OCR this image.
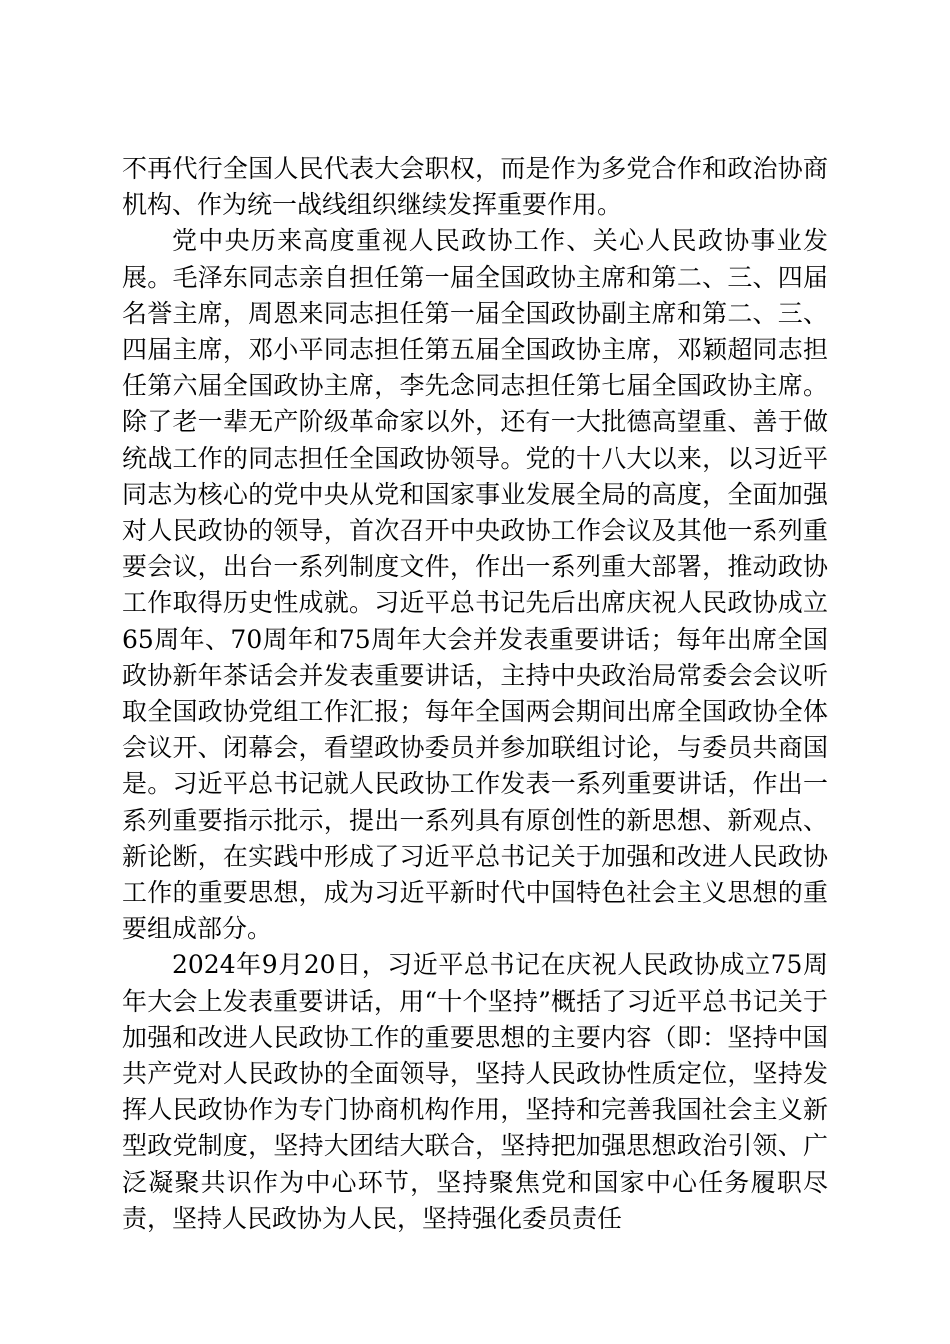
不再代行全国人民代表大会职权，而是作为多党合作和政治协商机构、作为统一战线组织继续发挥重要作用。

党中央历来高度重视人民政协工作、关心人民政协事业发展。毛泽东同志亲自担任第一届全国政协主席和第二、三、四届名誉主席，周恩来同志担任第一届全国政协副主席和第二、三、四届主席，邓小平同志担任第五届全国政协主席，邓颖超同志担任第六届全国政协主席，李先念同志担任第七届全国政协主席。除了老一辈无产阶级革命家以外，还有一大批德高望重、善于做统战工作的同志担任全国政协领导。党的十八大以来，以习近平同志为核心的党中央从党和国家事业发展全局的高度，全面加强对人民政协的领导，首次召开中央政协工作会议及其他一系列重要会议，出台一系列制度文件，作出一系列重大部署，推动政协工作取得历史性成就。习近平总书记先后出席庆祝人民政协成立65周年、70周年和75周年大会并发表重要讲话；每年出席全国政协新年茶话会并发表重要讲话，主持中央政治局常委会会议听取全国政协党组工作汇报；每年全国两会期间出席全国政协全体会议开、闭幕会，看望政协委员并参加联组讨论，与委员共商国是。习近平总书记就人民政协工作发表一系列重要讲话，作出一系列重要指示批示，提出一系列具有原创性的新思想、新观点、新论断，在实践中形成了习近平总书记关于加强和改进人民政协工作的重要思想，成为习近平新时代中国特色社会主义思想的重要组成部分。

2024年9月20日，习近平总书记在庆祝人民政协成立75周年大会上发表重要讲话，用“十个坚持”概括了习近平总书记关于加强和改进人民政协工作的重要思想的主要内容（即：坚持中国共产党对人民政协的全面领导，坚持人民政协性质定位，坚持发挥人民政协作为专门协商机构作用，坚持和完善我国社会主义新型政党制度，坚持大团结大联合，坚持把加强思想政治引领、广泛凝聚共识作为中心环节，坚持聚焦党和国家中心任务履职尽责，坚持人民政协为人民，坚持强化委员责任
